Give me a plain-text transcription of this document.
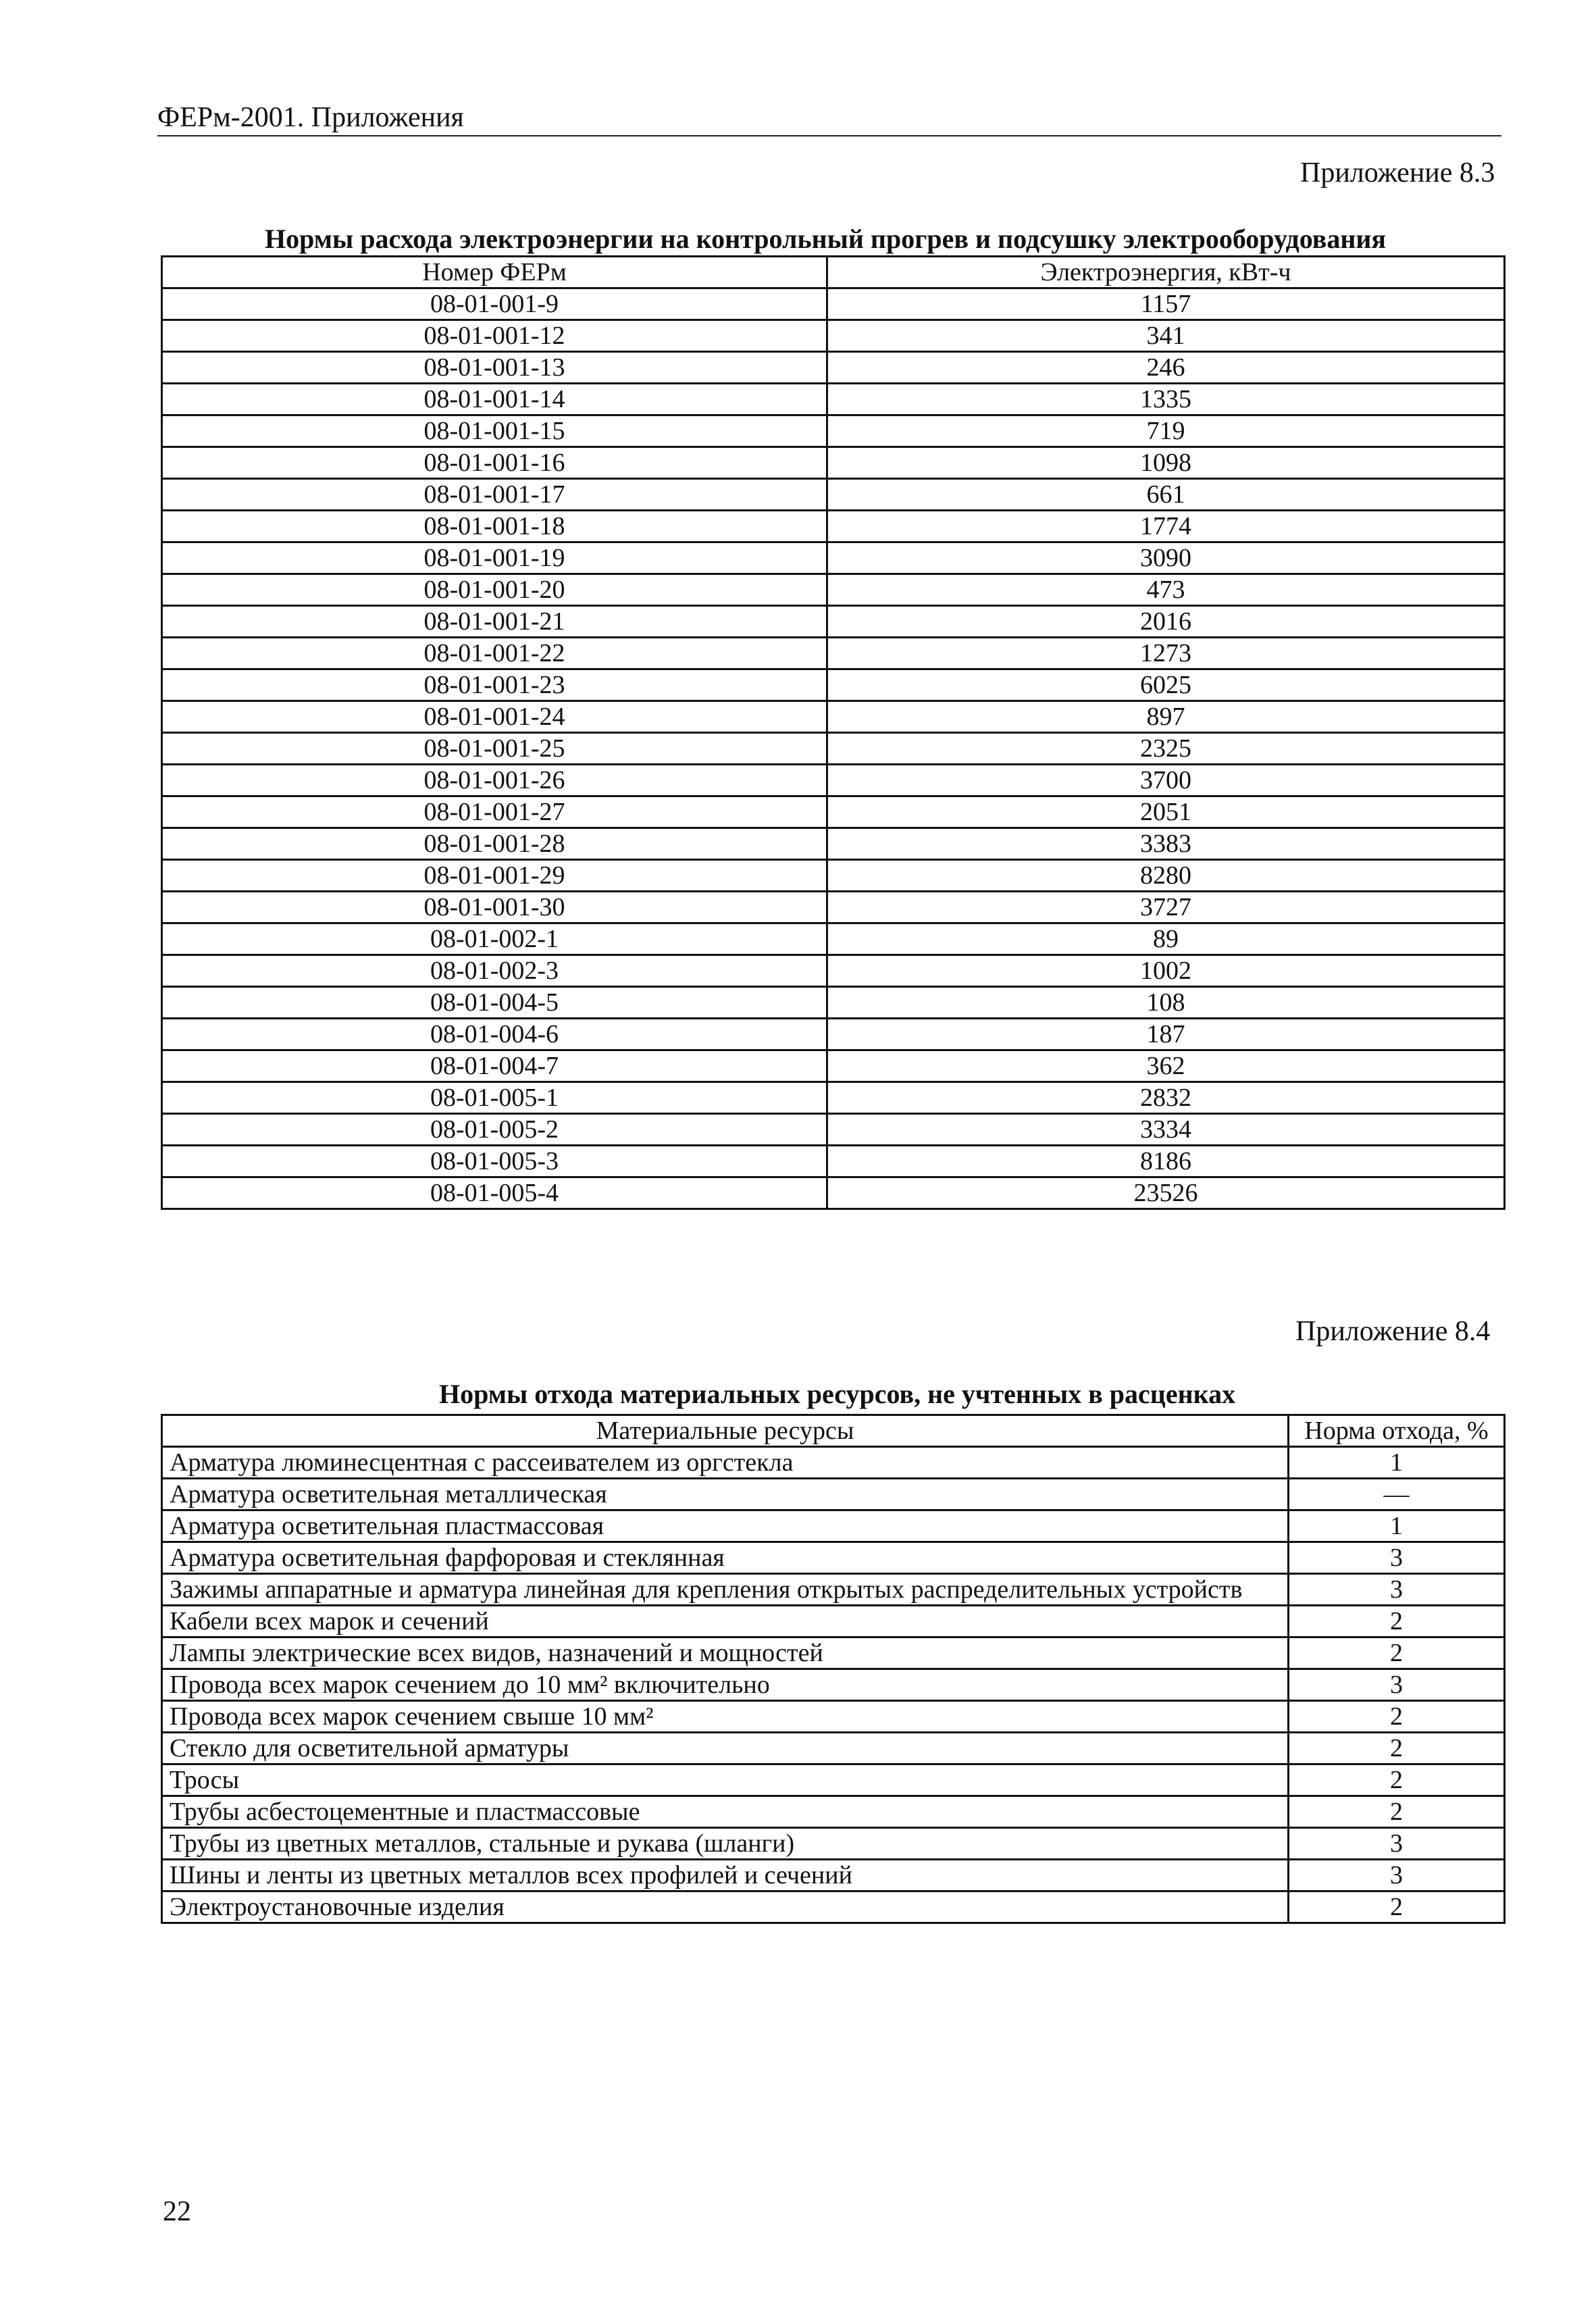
ФЕРм-2001. Приложения
Приложение 8.3
Нормы расхода электроэнергии на контрольный прогрев и подсушку электрооборудования
Номер ФЕРм	Электроэнергия, кВт-ч
08-01-001-9	1157
08-01-001-12	341
08-01-001-13	246
08-01-001-14	1335
08-01-001-15	719
08-01-001-16	1098
08-01-001-17	661
08-01-001-18	1774
08-01-001-19	3090
08-01-001-20	473
08-01-001-21	2016
08-01-001-22	1273
08-01-001-23	6025
08-01-001-24	897
08-01-001-25	2325
08-01-001-26	3700
08-01-001-27	2051
08-01-001-28	3383
08-01-001-29	8280
08-01-001-30	3727
08-01-002-1	89
08-01-002-3	1002
08-01-004-5	108
08-01-004-6	187
08-01-004-7	362
08-01-005-1	2832
08-01-005-2	3334
08-01-005-3	8186
08-01-005-4	23526
Приложение 8.4
Нормы отхода материальных ресурсов, не учтенных в расценках
Материальные ресурсы	Норма отхода, %
Арматура люминесцентная с рассеивателем из оргстекла	1
Арматура осветительная металлическая	—
Арматура осветительная пластмассовая	1
Арматура осветительная фарфоровая и стеклянная	3
Зажимы аппаратные и арматура линейная для крепления открытых распределительных устройств	3
Кабели всех марок и сечений	2
Лампы электрические всех видов, назначений и мощностей	2
Провода всех марок сечением до 10 мм² включительно	3
Провода всех марок сечением свыше 10 мм²	2
Стекло для осветительной арматуры	2
Тросы	2
Трубы асбестоцементные и пластмассовые	2
Трубы из цветных металлов, стальные и рукава (шланги)	3
Шины и ленты из цветных металлов всех профилей и сечений	3
Электроустановочные изделия	2
22
